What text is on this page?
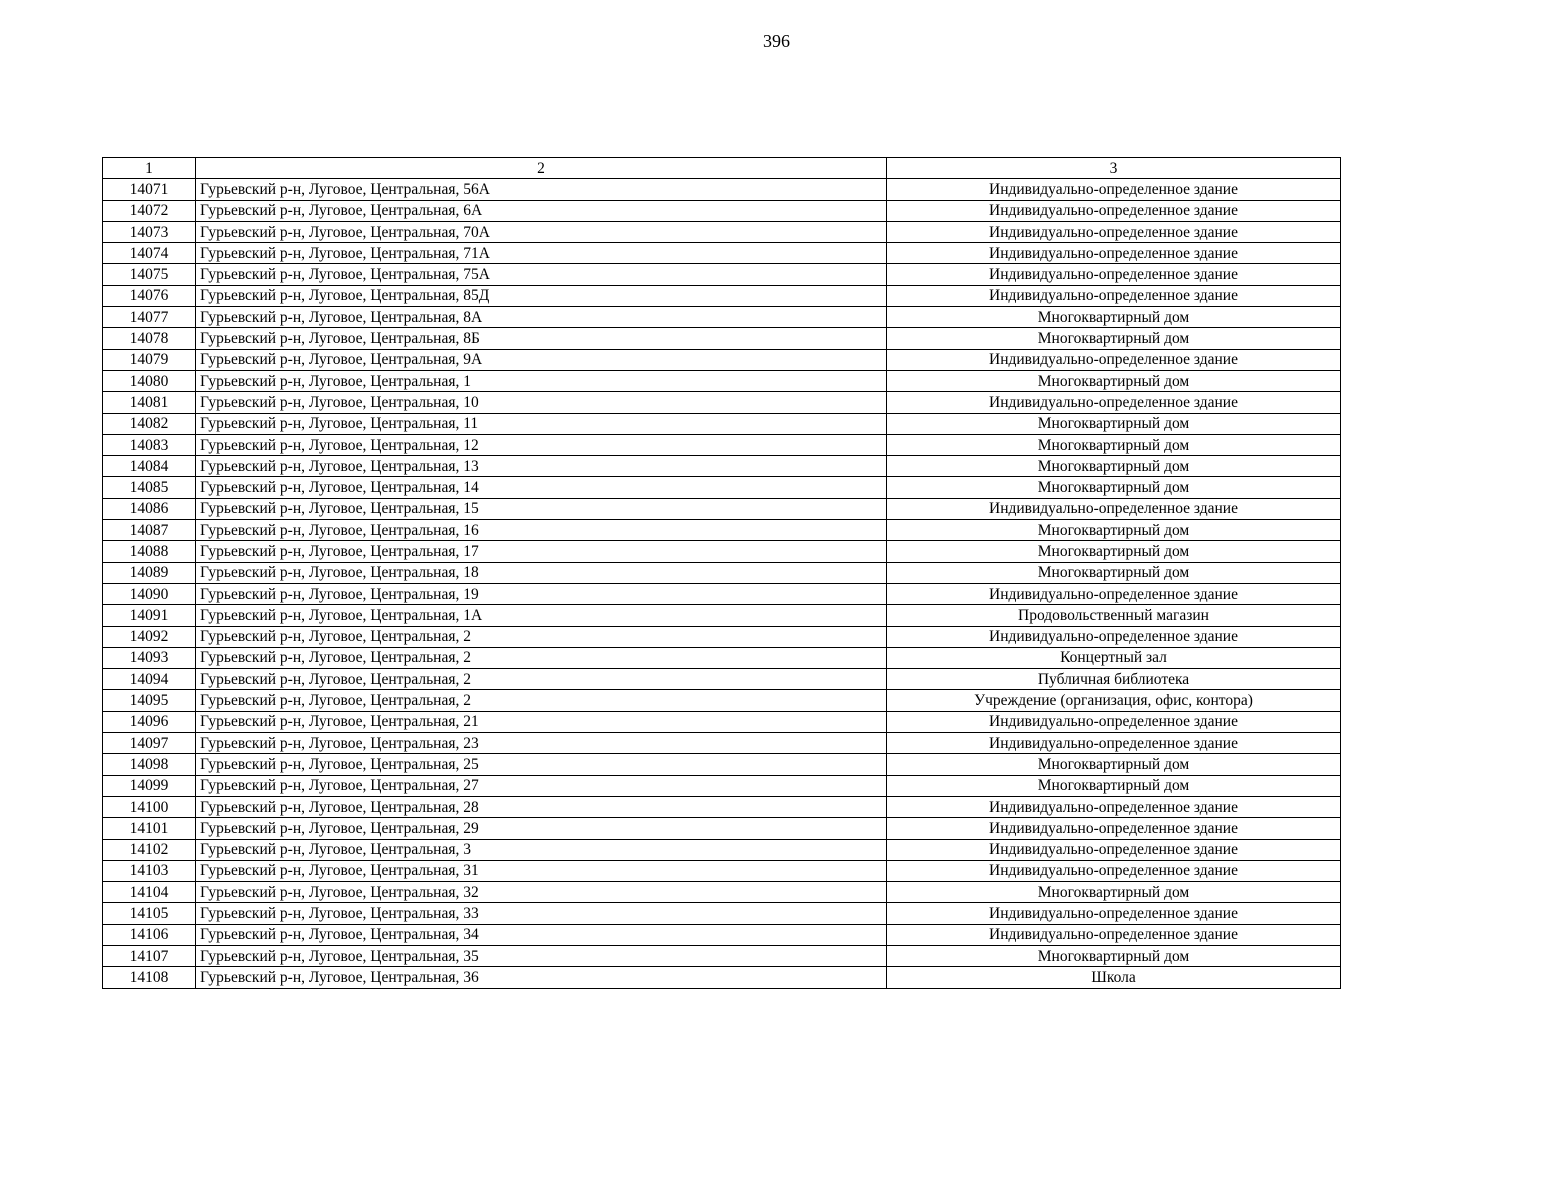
396
1	2	3
14071	Гурьевский р-н, Луговое, Центральная, 56А	Индивидуально-определенное здание
14072	Гурьевский р-н, Луговое, Центральная, 6А	Индивидуально-определенное здание
14073	Гурьевский р-н, Луговое, Центральная, 70А	Индивидуально-определенное здание
14074	Гурьевский р-н, Луговое, Центральная, 71А	Индивидуально-определенное здание
14075	Гурьевский р-н, Луговое, Центральная, 75А	Индивидуально-определенное здание
14076	Гурьевский р-н, Луговое, Центральная, 85Д	Индивидуально-определенное здание
14077	Гурьевский р-н, Луговое, Центральная, 8А	Многоквартирный дом
14078	Гурьевский р-н, Луговое, Центральная, 8Б	Многоквартирный дом
14079	Гурьевский р-н, Луговое, Центральная, 9А	Индивидуально-определенное здание
14080	Гурьевский р-н, Луговое, Центральная, 1	Многоквартирный дом
14081	Гурьевский р-н, Луговое, Центральная, 10	Индивидуально-определенное здание
14082	Гурьевский р-н, Луговое, Центральная, 11	Многоквартирный дом
14083	Гурьевский р-н, Луговое, Центральная, 12	Многоквартирный дом
14084	Гурьевский р-н, Луговое, Центральная, 13	Многоквартирный дом
14085	Гурьевский р-н, Луговое, Центральная, 14	Многоквартирный дом
14086	Гурьевский р-н, Луговое, Центральная, 15	Индивидуально-определенное здание
14087	Гурьевский р-н, Луговое, Центральная, 16	Многоквартирный дом
14088	Гурьевский р-н, Луговое, Центральная, 17	Многоквартирный дом
14089	Гурьевский р-н, Луговое, Центральная, 18	Многоквартирный дом
14090	Гурьевский р-н, Луговое, Центральная, 19	Индивидуально-определенное здание
14091	Гурьевский р-н, Луговое, Центральная, 1А	Продовольственный магазин
14092	Гурьевский р-н, Луговое, Центральная, 2	Индивидуально-определенное здание
14093	Гурьевский р-н, Луговое, Центральная, 2	Концертный зал
14094	Гурьевский р-н, Луговое, Центральная, 2	Публичная библиотека
14095	Гурьевский р-н, Луговое, Центральная, 2	Учреждение (организация, офис, контора)
14096	Гурьевский р-н, Луговое, Центральная, 21	Индивидуально-определенное здание
14097	Гурьевский р-н, Луговое, Центральная, 23	Индивидуально-определенное здание
14098	Гурьевский р-н, Луговое, Центральная, 25	Многоквартирный дом
14099	Гурьевский р-н, Луговое, Центральная, 27	Многоквартирный дом
14100	Гурьевский р-н, Луговое, Центральная, 28	Индивидуально-определенное здание
14101	Гурьевский р-н, Луговое, Центральная, 29	Индивидуально-определенное здание
14102	Гурьевский р-н, Луговое, Центральная, 3	Индивидуально-определенное здание
14103	Гурьевский р-н, Луговое, Центральная, 31	Индивидуально-определенное здание
14104	Гурьевский р-н, Луговое, Центральная, 32	Многоквартирный дом
14105	Гурьевский р-н, Луговое, Центральная, 33	Индивидуально-определенное здание
14106	Гурьевский р-н, Луговое, Центральная, 34	Индивидуально-определенное здание
14107	Гурьевский р-н, Луговое, Центральная, 35	Многоквартирный дом
14108	Гурьевский р-н, Луговое, Центральная, 36	Школа
